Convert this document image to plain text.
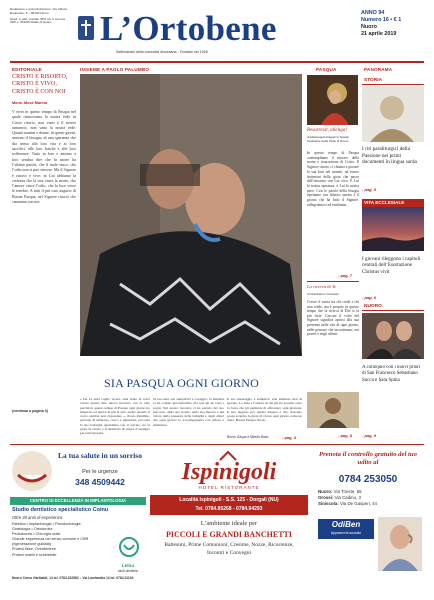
Redazione e amministrazione: Via Vittorio Emanuele, 8 – 08100 Nuoro
Sped. in abb. postale 45% art. 2 comma 20/b L. 662/96 Filiale di Nuoro	L’Ortobene
Settimanale della comunità diocesana - Fondato nel 1926
ANNO 94
Numero 16 • € 1
Nuoro
21 aprile 2019
EDITORIALE
CRISTO È RISORTO, CRISTO È VIVO, CRISTO È CON NOI
Mons. Mosè Marcia
V errei in questo tempo di Pasqua nel quale rinnoviamo la nostra fede in Cristo risorto, non vano è il nostro annuncio, non vana la nostra fede. Quanti uomini e donne, in questi giorni, sentono il bisogno di una speranza che dia senso alla loro vita e ai loro sacrifici, alle loro fatiche e alle loro sofferenze. Tutto in loro e intorno a loro sembra dire che la morte ha l’ultima parola, che il male vince, che l’odio non si può vincere. Ma il Signore è risorto e vive: in Lui abbiamo la certezza che la vita vince la morte, che l’amore vince l’odio, che la luce vince le tenebre. A tutti il più caro augurio di Buona Pasqua, nel Signore risorto che cammina con noi.
(continua a pagina 3)
INSIEME A PAOLO PALUMBO
SIA PASQUA OGNI GIORNO
« Da 21 anni voglio vivere, anzi sento di voler vivere questo mio nuovo incontro con la vita, perché in questo tempo di Pasqua ogni giorno ho imparato ad amare di più la vita, anche quando il corpo sembra non rispondere ». Paolo Palumbo, giovane di Oristano, cuoco e musicista, racconta la sua battaglia quotidiana con il sorriso, tra la gioia di vivere e il desiderio di essere d’esempio per tanti giovani.
Si racconta con semplicità e coraggio: la malattia lo ha colpito giovanissimo, ma non gli ha tolto i sogni. Nel nostro incontro ci ha parlato del suo percorso, delle sue ricette, della sua musica e del valore della presenza della famiglia e degli amici che ogni giorno lo accompagnano con amore e dedizione.
Il suo messaggio è semplice: non smettere mai di sperare. La fede e l’amore di chi gli sta accanto sono la forza che gli permette di affrontare ogni giornata. Il suo augurio per questa Pasqua è che ciascuno possa scoprire la gioia di vivere ogni giorno come un dono. Buona Pasqua, Paolo.
Bruno Gaspa e Mirella Buttu	- pag. 3
PASQUA
Resurrexit, alleluja!
di Mariangela Ragazzo Spada, fondatrice della Pietà di Nuoro
In questo tempo di Pasqua contempliamo il mistero della morte e risurrezione di Cristo. Il Signore risorto ci chiama a portare la sua luce nel mondo, ad essere testimoni della gioia che nasce dall’incontro con Lui vivo. È Lui la nostra speranza, è Lui la nostra pace. Con le parole della liturgia ripetiamo con fiducia: questo è il giorno che ha fatto il Signore, rallegriamoci ed esultiamo.
- pag. 7
La ricerca di Te
di Gianfranco Cubeddu
Cresce il vuoto tra chi crede e chi non crede, ma è proprio in questo tempo che la ricerca di Dio si fa più forte. Cercare il volto del Signore significa aprirsi alla sua presenza nella vita di ogni giorno, nelle persone che incontriamo, nei poveri e negli ultimi.
- pag. 8
PANORAMA
STORIA
I riti paraliturgici della Passione nei primi documenti in lingua sarda
- pag. 5
VITA ECCLESIALE
I giovani rileggono i capitoli centrali dell’Esortazione Christus vivit
- pag. 6
NUORO
A colloquio con i nuovi priori di San Francesco Sebastiano Succu e Sara Spina
- pag. 9
La tua salute in un sorriso
Per le urgenze
348 4509442
CENTRO DI ECCELLENZA IN IMPLANTOLOGIA
Studio dentistico specialistico Coinu
Oltre 30 anni di esperienza
Estetica • Implantologia • Parodontologia
Gnatologia • Ortodonzia
Pedodonzia • Chirurgia orale
Grande esperienza nel senso comune e CBR (rigenerazione guidata)
Protesi fisse, Overdenture
Protesi mobili e scheletrati
Lelnu
studi dentistici
Nuoro Corso Garibaldi, 14 tel. 0784.232582 – Via Lombardia 14 tel. 0784.31134
Ispinigoli
HOTEL RISTORANTE
Località Ispinigoli - S.S. 125 - Dorgali (NU)
Tel. 0784.95268 - 0784.94293
L’ambiente ideale per
PICCOLI E GRANDI BANCHETTI
Battesimi, Prime Comunioni, Cresime, Nozze, Ricorrenze, Incontri e Convegni
Prenota il controllo gratuito del tuo udito al
0784 253050
Nuoro: Via Trieste, 65
Orosei: Via Cadinu, 3
Siniscola: Via De Gasperi, 44
OdiBen
Apparecchi acustici
